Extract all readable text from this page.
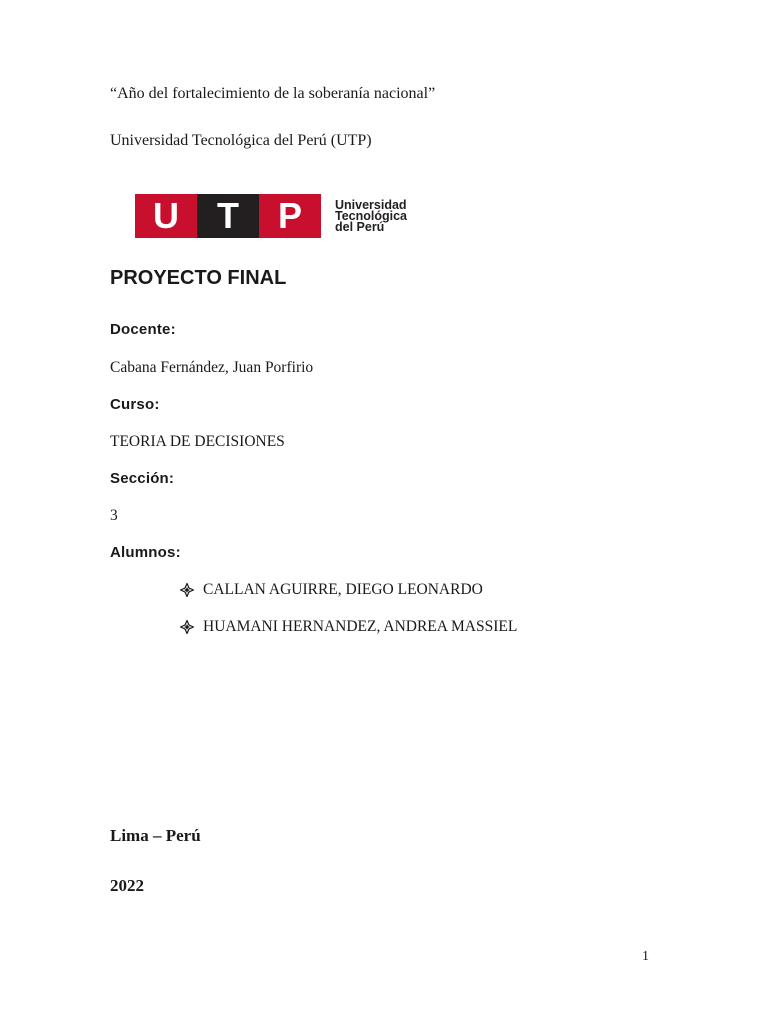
“Año del fortalecimiento de la soberanía nacional”
Universidad Tecnológica del Perú (UTP)
U	T	P	Universidad
Tecnológica
del Perú
PROYECTO FINAL
Docente:
Cabana Fernández, Juan Porfirio
Curso:
TEORIA DE DECISIONES
Sección:
3
Alumnos:
CALLAN AGUIRRE, DIEGO LEONARDO
HUAMANI HERNANDEZ, ANDREA MASSIEL
Lima – Perú
2022
1
